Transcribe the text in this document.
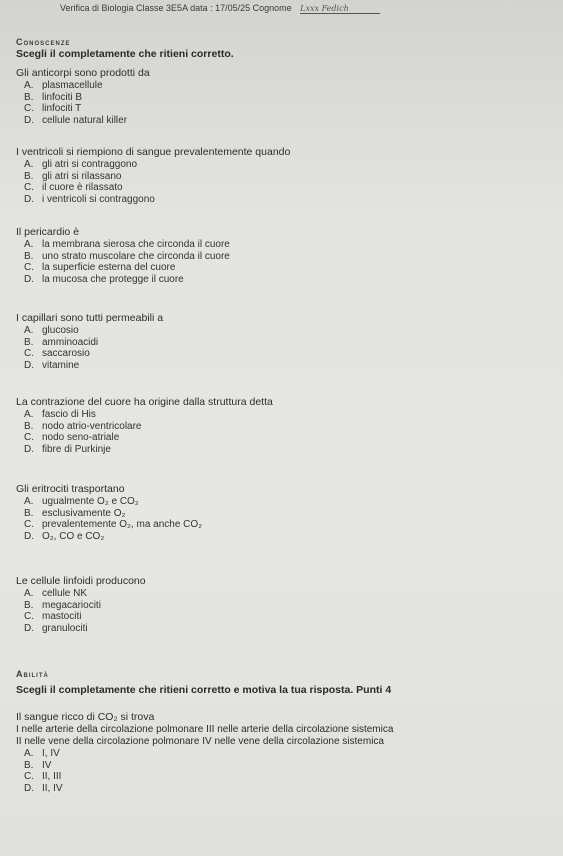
Verifica di Biologia Classe 3E5A data : 17/05/25 Cognome Lxxx Fedich
Conoscenze
Scegli il completamente che ritieni corretto.
Gli anticorpi sono prodotti da
A. plasmacellule
B. linfociti B
C. linfociti T
D. cellule natural killer
I ventricoli si riempiono di sangue prevalentemente quando
A. gli atri si contraggono
B. gli atri si rilassano
C. il cuore è rilassato
D. i ventricoli si contraggono
Il pericardio è
A. la membrana sierosa che circonda il cuore
B. uno strato muscolare che circonda il cuore
C. la superficie esterna del cuore
D. la mucosa che protegge il cuore
I capillari sono tutti permeabili a
A. glucosio
B. amminoacidi
C. saccarosio
D. vitamine
La contrazione del cuore ha origine dalla struttura detta
A. fascio di His
B. nodo atrio-ventricolare
C. nodo seno-atriale
D. fibre di Purkinje
Gli eritrociti trasportano
A. ugualmente O₂ e CO₂
B. esclusivamente O₂
C. prevalentemente O₂, ma anche CO₂
D. O₂, CO e CO₂
Le cellule linfoidi producono
A. cellule NK
B. megacariociti
C. mastociti
D. granulociti
Abilità
Scegli il completamente che ritieni corretto e motiva la tua risposta. Punti 4
Il sangue ricco di CO₂ si trova
I nelle arterie della circolazione polmonare III nelle arterie della circolazione sistemica
II nelle vene della circolazione polmonare IV nelle vene della circolazione sistemica
A. I, IV
B. IV
C. II, III
D. II, IV
